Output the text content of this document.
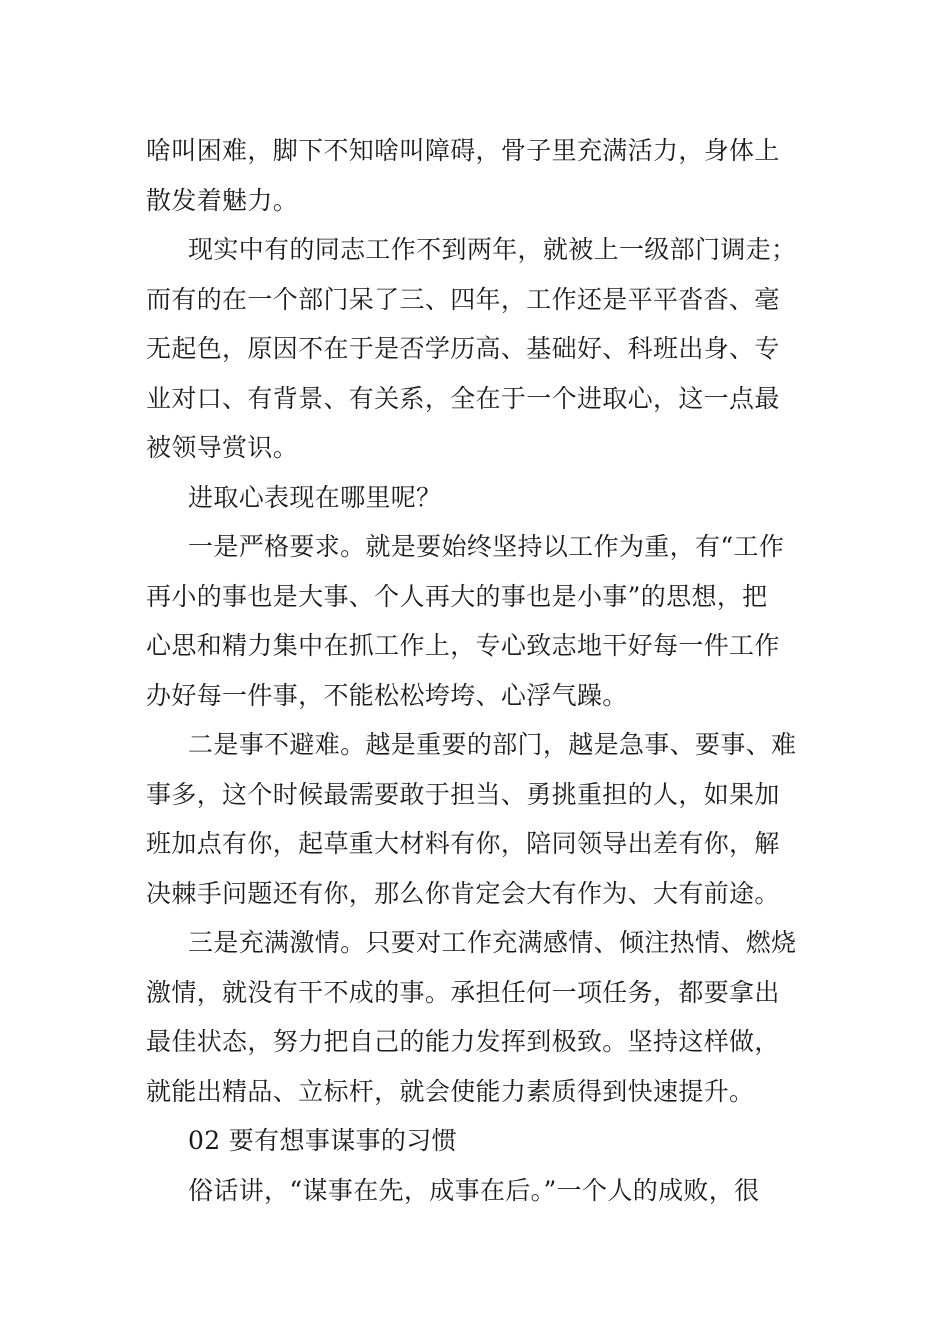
啥叫困难，脚下不知啥叫障碍，骨子里充满活力，身体上
散发着魅力。
现实中有的同志工作不到两年，就被上一级部门调走；
而有的在一个部门呆了三、四年，工作还是平平沓沓、毫
无起色，原因不在于是否学历高、基础好、科班出身、专
业对口、有背景、有关系，全在于一个进取心，这一点最
被领导赏识。
进取心表现在哪里呢？
一是严格要求。就是要始终坚持以工作为重，有“工作
再小的事也是大事、个人再大的事也是小事”的思想，把
心思和精力集中在抓工作上，专心致志地干好每一件工作
办好每一件事，不能松松垮垮、心浮气躁。
二是事不避难。越是重要的部门，越是急事、要事、难
事多，这个时候最需要敢于担当、勇挑重担的人，如果加
班加点有你，起草重大材料有你，陪同领导出差有你，解
决棘手问题还有你，那么你肯定会大有作为、大有前途。
三是充满激情。只要对工作充满感情、倾注热情、燃烧
激情，就没有干不成的事。承担任何一项任务，都要拿出
最佳状态，努力把自己的能力发挥到极致。坚持这样做，
就能出精品、立标杆，就会使能力素质得到快速提升。
02 要有想事谋事的习惯
俗话讲，“谋事在先，成事在后。”一个人的成败，很
